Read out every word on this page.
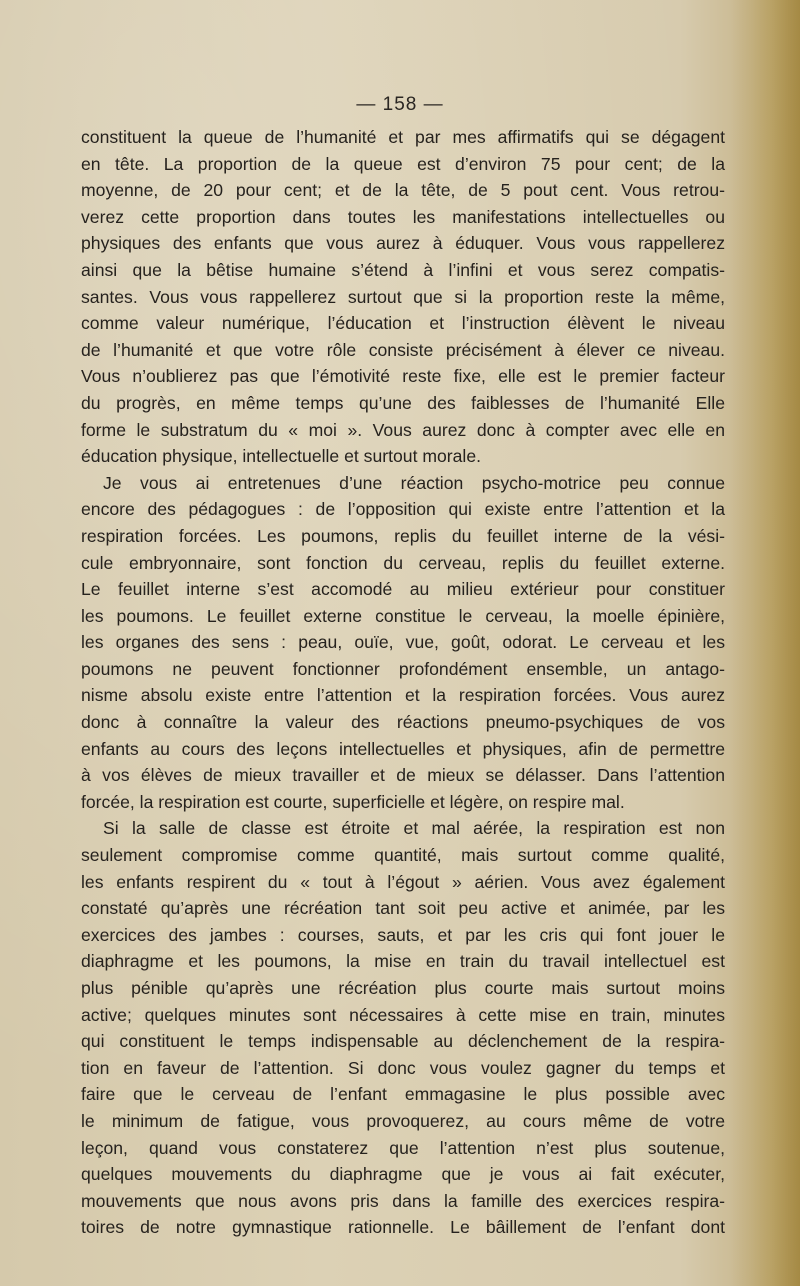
— 158 —
constituent la queue de l’humanité et par mes affirmatifs qui se dégagent
en tête. La proportion de la queue est d’environ 75 pour cent; de la
moyenne, de 20 pour cent; et de la tête, de 5 pout cent. Vous retrou-
verez cette proportion dans toutes les manifestations intellectuelles ou
physiques des enfants que vous aurez à éduquer. Vous vous rappellerez
ainsi que la bêtise humaine s’étend à l’infini et vous serez compatis-
santes. Vous vous rappellerez surtout que si la proportion reste la même,
comme valeur numérique, l’éducation et l’instruction élèvent le niveau
de l’humanité et que votre rôle consiste précisément à élever ce niveau.
Vous n’oublierez pas que l’émotivité reste fixe, elle est le premier facteur
du progrès, en même temps qu’une des faiblesses de l’humanité Elle
forme le substratum du « moi ». Vous aurez donc à compter avec elle en
éducation physique, intellectuelle et surtout morale.
Je vous ai entretenues d’une réaction psycho-motrice peu connue
encore des pédagogues : de l’opposition qui existe entre l’attention et la
respiration forcées. Les poumons, replis du feuillet interne de la vési-
cule embryonnaire, sont fonction du cerveau, replis du feuillet externe.
Le feuillet interne s’est accomodé au milieu extérieur pour constituer
les poumons. Le feuillet externe constitue le cerveau, la moelle épinière,
les organes des sens : peau, ouïe, vue, goût, odorat. Le cerveau et les
poumons ne peuvent fonctionner profondément ensemble, un antago-
nisme absolu existe entre l’attention et la respiration forcées. Vous aurez
donc à connaître la valeur des réactions pneumo-psychiques de vos
enfants au cours des leçons intellectuelles et physiques, afin de permettre
à vos élèves de mieux travailler et de mieux se délasser. Dans l’attention
forcée, la respiration est courte, superficielle et légère, on respire mal.
Si la salle de classe est étroite et mal aérée, la respiration est non
seulement compromise comme quantité, mais surtout comme qualité,
les enfants respirent du « tout à l’égout » aérien. Vous avez également
constaté qu’après une récréation tant soit peu active et animée, par les
exercices des jambes : courses, sauts, et par les cris qui font jouer le
diaphragme et les poumons, la mise en train du travail intellectuel est
plus pénible qu’après une récréation plus courte mais surtout moins
active; quelques minutes sont nécessaires à cette mise en train, minutes
qui constituent le temps indispensable au déclenchement de la respira-
tion en faveur de l’attention. Si donc vous voulez gagner du temps et
faire que le cerveau de l’enfant emmagasine le plus possible avec
le minimum de fatigue, vous provoquerez, au cours même de votre
leçon, quand vous constaterez que l’attention n’est plus soutenue,
quelques mouvements du diaphragme que je vous ai fait exécuter,
mouvements que nous avons pris dans la famille des exercices respira-
toires de notre gymnastique rationnelle. Le bâillement de l’enfant dont
